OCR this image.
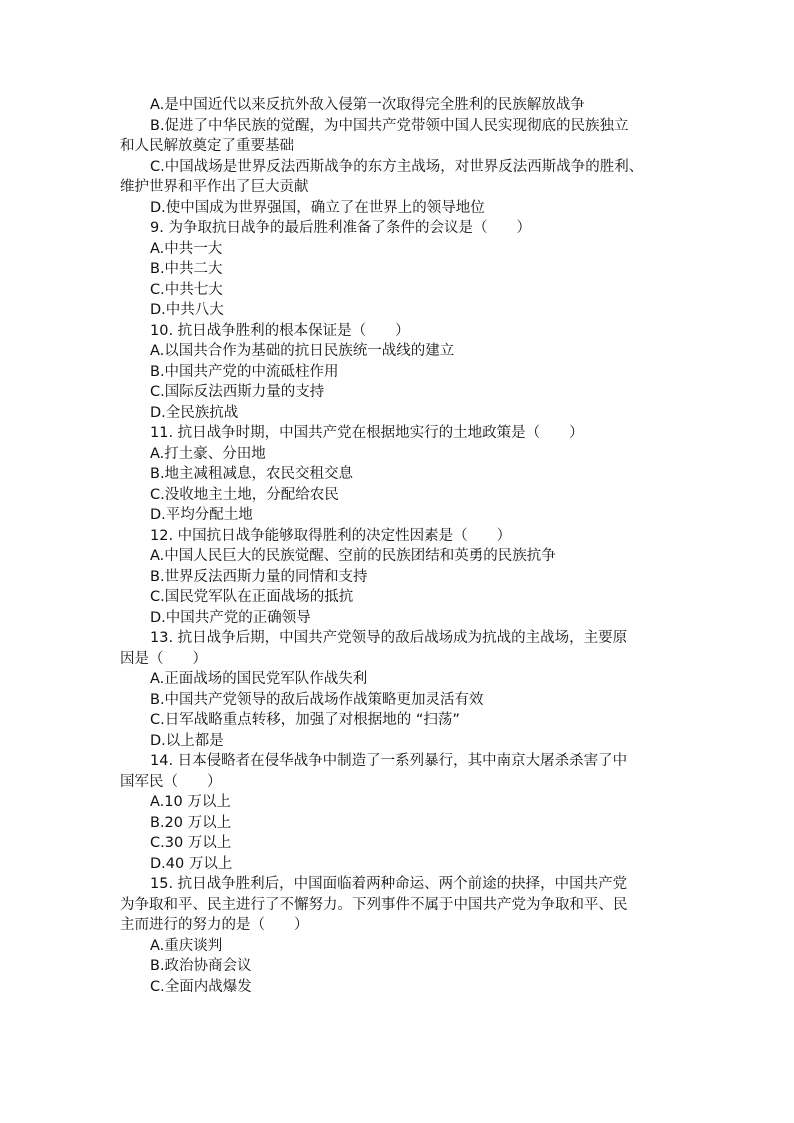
A.是中国近代以来反抗外敌入侵第一次取得完全胜利的民族解放战争
B.促进了中华民族的觉醒，为中国共产党带领中国人民实现彻底的民族独立
和人民解放奠定了重要基础
C.中国战场是世界反法西斯战争的东方主战场，对世界反法西斯战争的胜利、
维护世界和平作出了巨大贡献
D.使中国成为世界强国，确立了在世界上的领导地位
9. 为争取抗日战争的最后胜利准备了条件的会议是（　　）
A.中共一大
B.中共二大
C.中共七大
D.中共八大
10. 抗日战争胜利的根本保证是（　　）
A.以国共合作为基础的抗日民族统一战线的建立
B.中国共产党的中流砥柱作用
C.国际反法西斯力量的支持
D.全民族抗战
11. 抗日战争时期，中国共产党在根据地实行的土地政策是（　　）
A.打土豪、分田地
B.地主减租减息，农民交租交息
C.没收地主土地，分配给农民
D.平均分配土地
12. 中国抗日战争能够取得胜利的决定性因素是（　　）
A.中国人民巨大的民族觉醒、空前的民族团结和英勇的民族抗争
B.世界反法西斯力量的同情和支持
C.国民党军队在正面战场的抵抗
D.中国共产党的正确领导
13. 抗日战争后期，中国共产党领导的敌后战场成为抗战的主战场，主要原
因是（　　）
A.正面战场的国民党军队作战失利
B.中国共产党领导的敌后战场作战策略更加灵活有效
C.日军战略重点转移，加强了对根据地的 “扫荡”
D.以上都是
14. 日本侵略者在侵华战争中制造了一系列暴行，其中南京大屠杀杀害了中
国军民（　　）
A.10 万以上
B.20 万以上
C.30 万以上
D.40 万以上
15. 抗日战争胜利后，中国面临着两种命运、两个前途的抉择，中国共产党
为争取和平、民主进行了不懈努力。下列事件不属于中国共产党为争取和平、民
主而进行的努力的是（　　）
A.重庆谈判
B.政治协商会议
C.全面内战爆发
